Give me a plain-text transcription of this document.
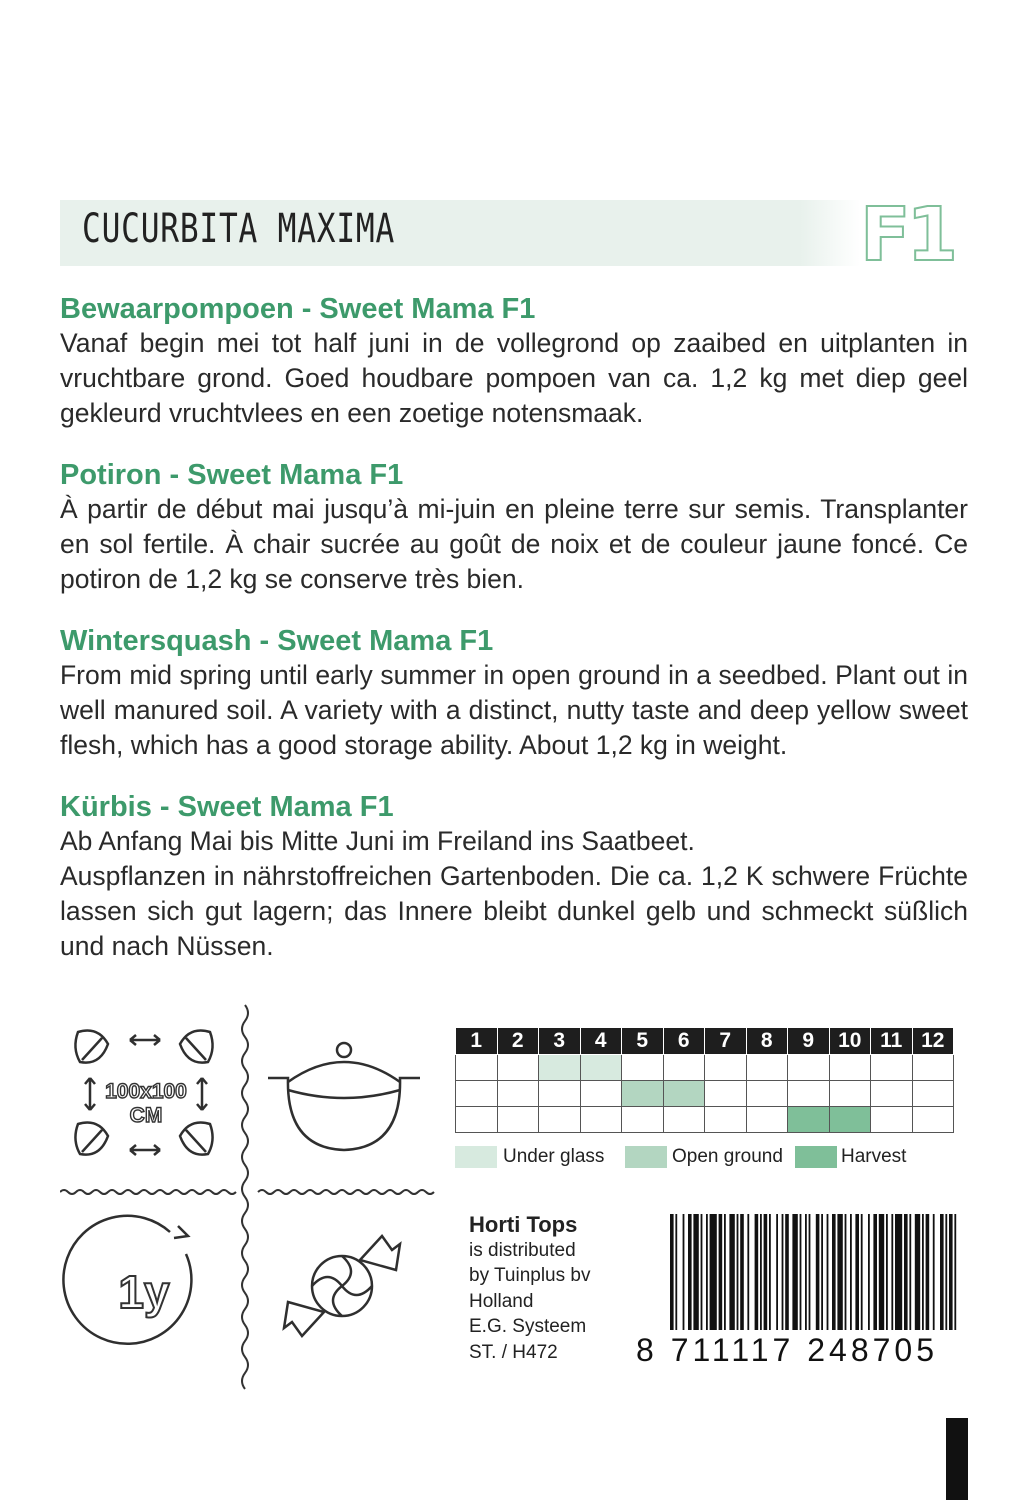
CUCURBITA MAXIMA	F1

Bewaarpompoen - Sweet Mama F1

Vanaf begin mei tot half juni in de vollegrond op zaaibed en uitplanten in vruchtbare grond. Goed houdbare pompoen van ca. 1,2 kg met diep geel gekleurd vruchtvlees en een zoetige notensmaak.

Potiron - Sweet Mama F1

À partir de début mai jusqu’à mi-juin en pleine terre sur semis. Transplanter en sol fertile. À chair sucrée au goût de noix et de couleur jaune foncé. Ce potiron de 1,2 kg se conserve très bien.

Wintersquash - Sweet Mama F1

From mid spring until early summer in open ground in a seedbed. Plant out in well manured soil. A variety with a distinct, nutty taste and deep yellow sweet flesh, which has a good storage ability. About 1,2 kg in weight.

Kürbis - Sweet Mama F1

Ab Anfang Mai bis Mitte Juni im Freiland ins Saatbeet.
Auspflanzen in nährstoffreichen Gartenboden. Die ca. 1,2 K schwere Früchte lassen sich gut lagern; das Innere bleibt dunkel gelb und schmeckt süßlich und nach Nüssen.

100x100
CM
1y
1	2	3	4	5	6	7	8	9	10	11	12

Under glass	Open ground	Harvest
Horti Tops
is distributed
by Tuinplus bv
Holland
E.G. Systeem
ST. / H472	8 711117 248705
